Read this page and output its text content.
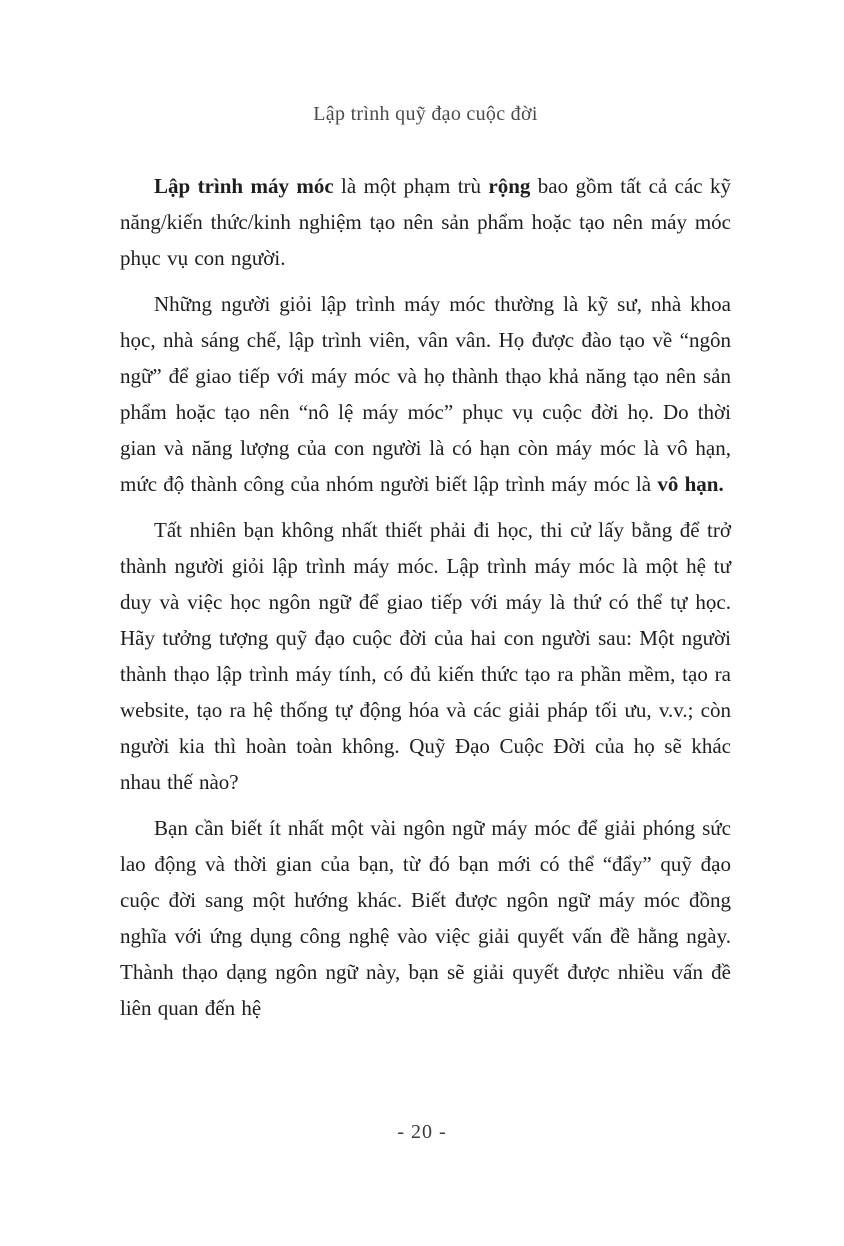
Lập trình quỹ đạo cuộc đời

Lập trình máy móc là một phạm trù rộng bao gồm tất cả các kỹ năng/kiến thức/kinh nghiệm tạo nên sản phẩm hoặc tạo nên máy móc phục vụ con người.

Những người giỏi lập trình máy móc thường là kỹ sư, nhà khoa học, nhà sáng chế, lập trình viên, vân vân. Họ được đào tạo về “ngôn ngữ” để giao tiếp với máy móc và họ thành thạo khả năng tạo nên sản phẩm hoặc tạo nên “nô lệ máy móc” phục vụ cuộc đời họ. Do thời gian và năng lượng của con người là có hạn còn máy móc là vô hạn, mức độ thành công của nhóm người biết lập trình máy móc là vô hạn.

Tất nhiên bạn không nhất thiết phải đi học, thi cử lấy bằng để trở thành người giỏi lập trình máy móc. Lập trình máy móc là một hệ tư duy và việc học ngôn ngữ để giao tiếp với máy là thứ có thể tự học. Hãy tưởng tượng quỹ đạo cuộc đời của hai con người sau: Một người thành thạo lập trình máy tính, có đủ kiến thức tạo ra phần mềm, tạo ra website, tạo ra hệ thống tự động hóa và các giải pháp tối ưu, v.v.; còn người kia thì hoàn toàn không. Quỹ Đạo Cuộc Đời của họ sẽ khác nhau thế nào?

Bạn cần biết ít nhất một vài ngôn ngữ máy móc để giải phóng sức lao động và thời gian của bạn, từ đó bạn mới có thể “đẩy” quỹ đạo cuộc đời sang một hướng khác. Biết được ngôn ngữ máy móc đồng nghĩa với ứng dụng công nghệ vào việc giải quyết vấn đề hằng ngày. Thành thạo dạng ngôn ngữ này, bạn sẽ giải quyết được nhiều vấn đề liên quan đến hệ

- 20 -
